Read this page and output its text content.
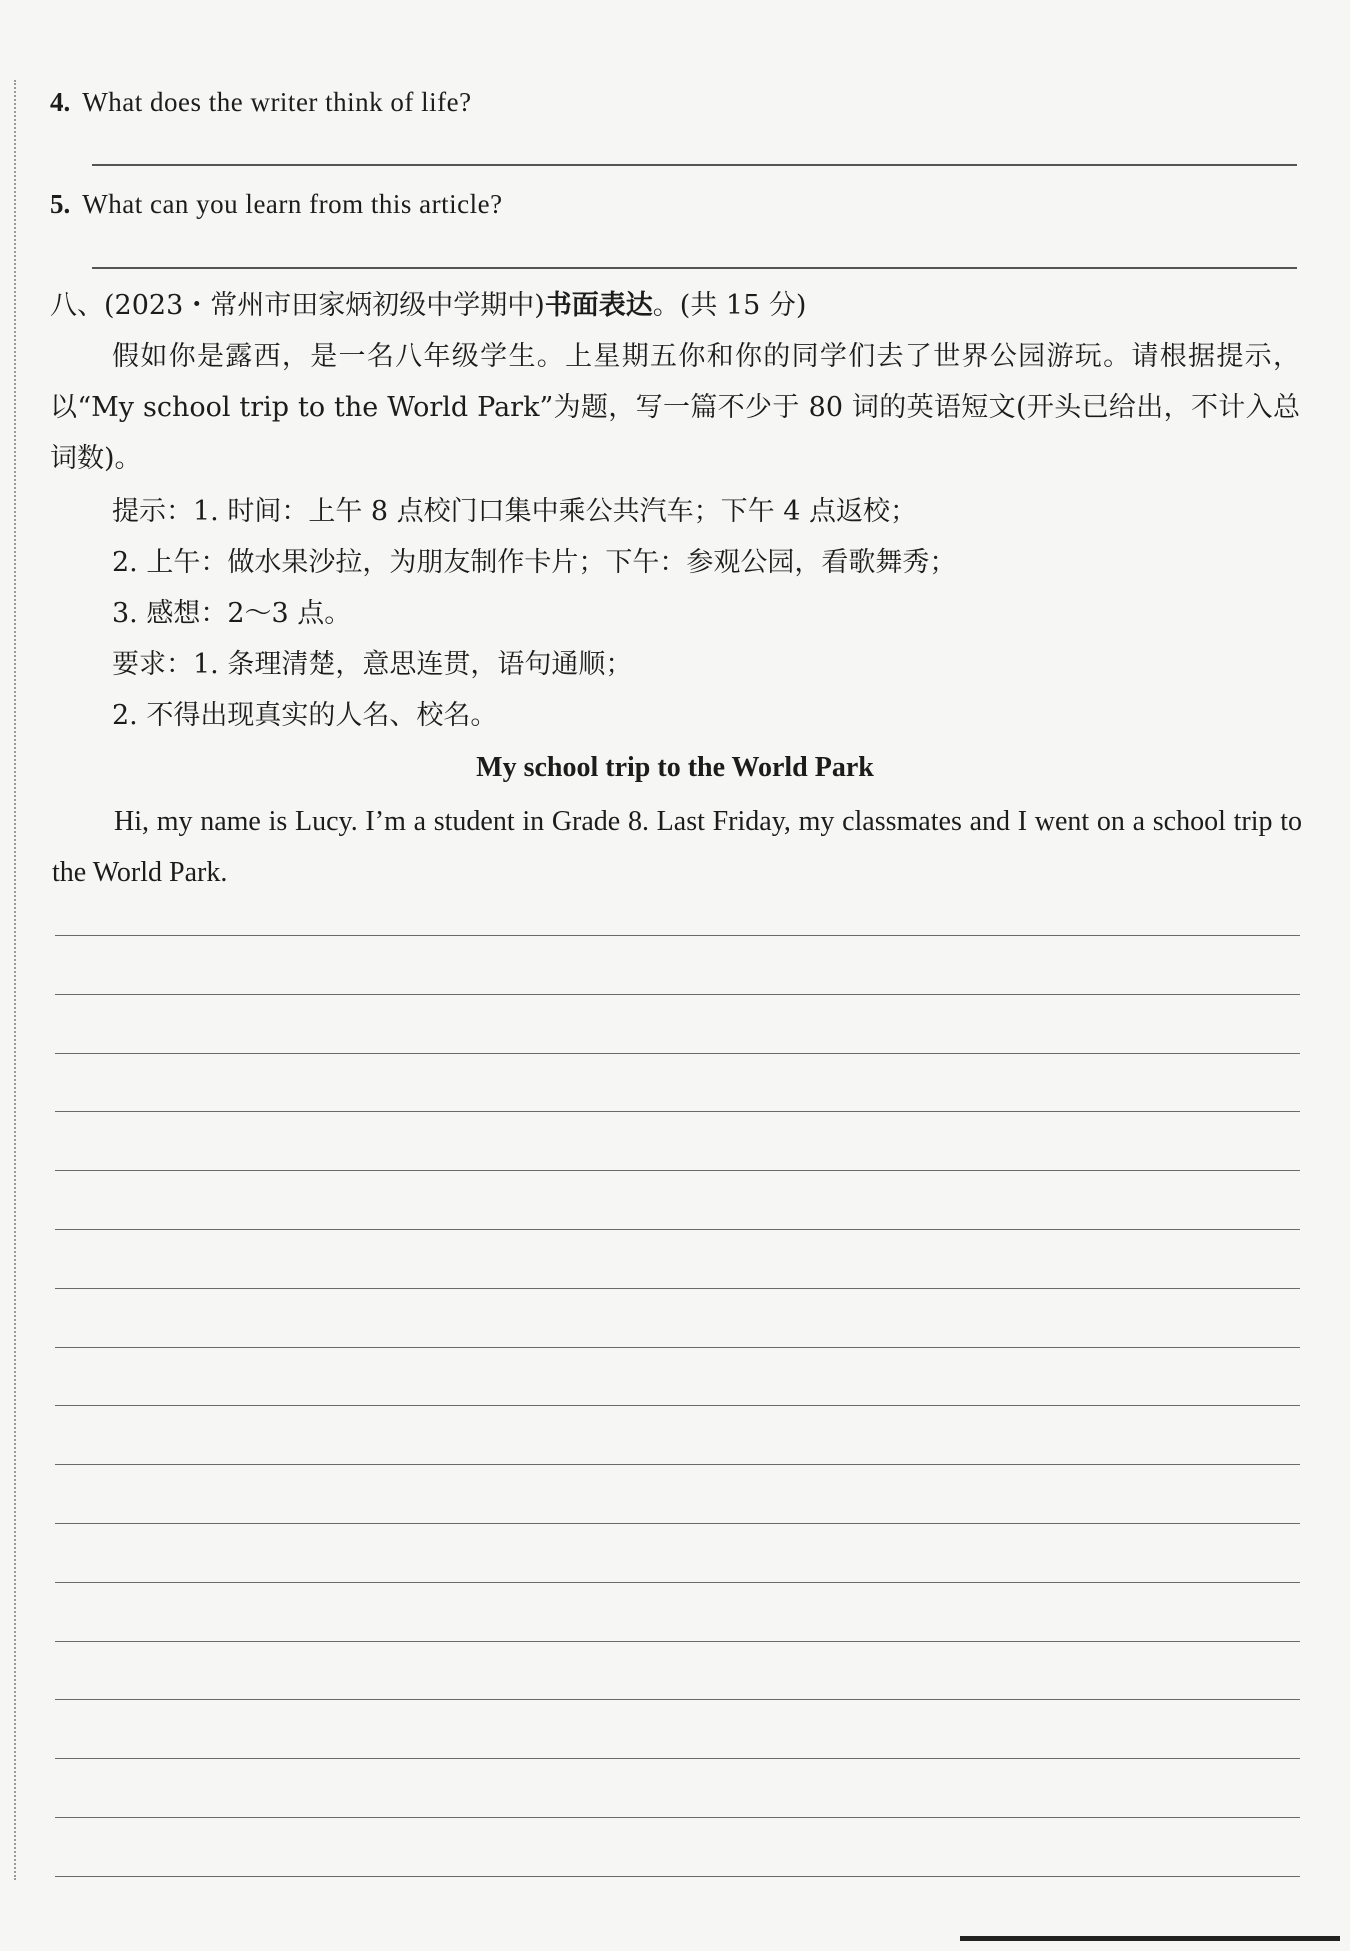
4. What does the writer think of life?
5. What can you learn from this article?
八、(2023・常州市田家炳初级中学期中)书面表达。(共 15 分)
假如你是露西，是一名八年级学生。上星期五你和你的同学们去了世界公园游玩。请根据提示，以“My school trip to the World Park”为题，写一篇不少于 80 词的英语短文(开头已给出，不计入总词数)。
提示：1. 时间：上午 8 点校门口集中乘公共汽车；下午 4 点返校；
2. 上午：做水果沙拉，为朋友制作卡片；下午：参观公园，看歌舞秀；
3. 感想：2～3 点。
要求：1. 条理清楚，意思连贯，语句通顺；
2. 不得出现真实的人名、校名。
My school trip to the World Park
Hi, my name is Lucy. I’m a student in Grade 8. Last Friday, my classmates and I went on a school trip to the World Park.
